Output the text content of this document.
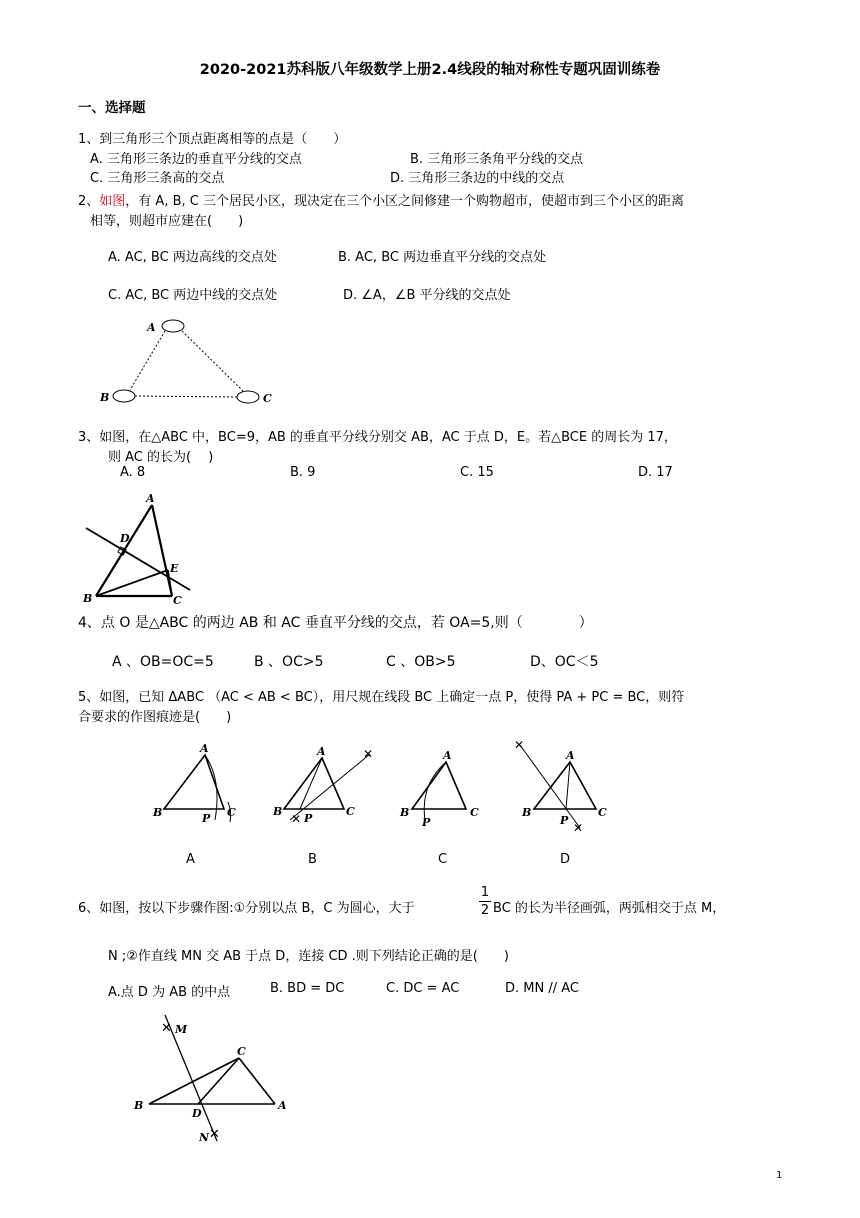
2020-2021苏科版八年级数学上册2.4线段的轴对称性专题巩固训练卷
一、选择题
1、到三角形三个顶点距离相等的点是（　　）
A. 三角形三条边的垂直平分线的交点	B. 三角形三条角平分线的交点
C. 三角形三条高的交点	D. 三角形三条边的中线的交点
2、如图，有 A, B, C 三个居民小区，现决定在三个小区之间修建一个购物超市，使超市到三个小区的距离
相等，则超市应建在(　　)
A. AC, BC 两边高线的交点处	B. AC, BC 两边垂直平分线的交点处
C. AC, BC 两边中线的交点处	D. ∠A，∠B 平分线的交点处
A
B	C
3、如图，在△ABC 中，BC=9，AB 的垂直平分线分别交 AB，AC 于点 D，E。若△BCE 的周长为 17，
则 AC 的长为(　 )
A. 8	B. 9	C. 15	D. 17
A
B	C
D
E
4、点 O 是△ABC 的两边 AB 和 AC 垂直平分线的交点，若 OA=5,则（　　　　）
A 、OB=OC=5	B 、OC>5	C 、OB>5	D、OC＜5
5、如图，已知 ΔABC （AC < AB < BC），用尺规在线段 BC 上确定一点 P，使得 PA + PC = BC，则符
合要求的作图痕迹是(　　)
A
B	C
P	✕
✕
A
B	C
P
A
B	C
P
✕
✕
A
B	C
P
A	B	C	D
6、如图，按以下步骤作图:①分别以点 B，C 为圆心，大于
1
2 BC 的长为半径画弧，两弧相交于点 M，
N ;②作直线 MN 交 AB 于点 D，连接 CD .则下列结论正确的是(　　)
A.点 D 为 AB 的中点	B. BD = DC	C. DC = AC	D. MN // AC
✕
✕
M
N
B
C
D
A
1
